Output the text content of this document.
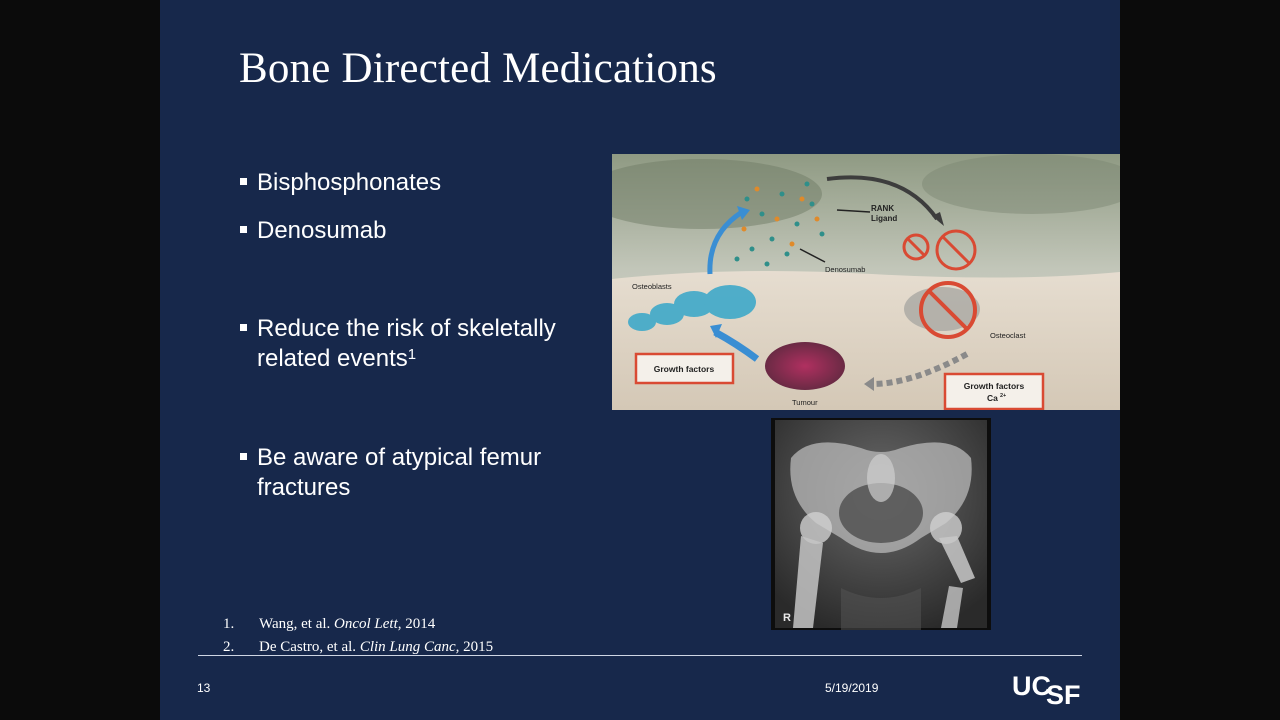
Bone Directed Medications
Bisphosphonates
Denosumab
Reduce the risk of skeletally related events$^1$
Be aware of atypical femur fractures
RANK
Ligand
Denosumab
Osteoblasts
Osteoclast
Growth factors
Growth factors
Ca 2+
Tumour
R
1.	Wang, et al.
Oncol Lett,
2014
2.	De Castro, et al.
Clin Lung Canc,
2015
13	5/19/2019	UC
SF
